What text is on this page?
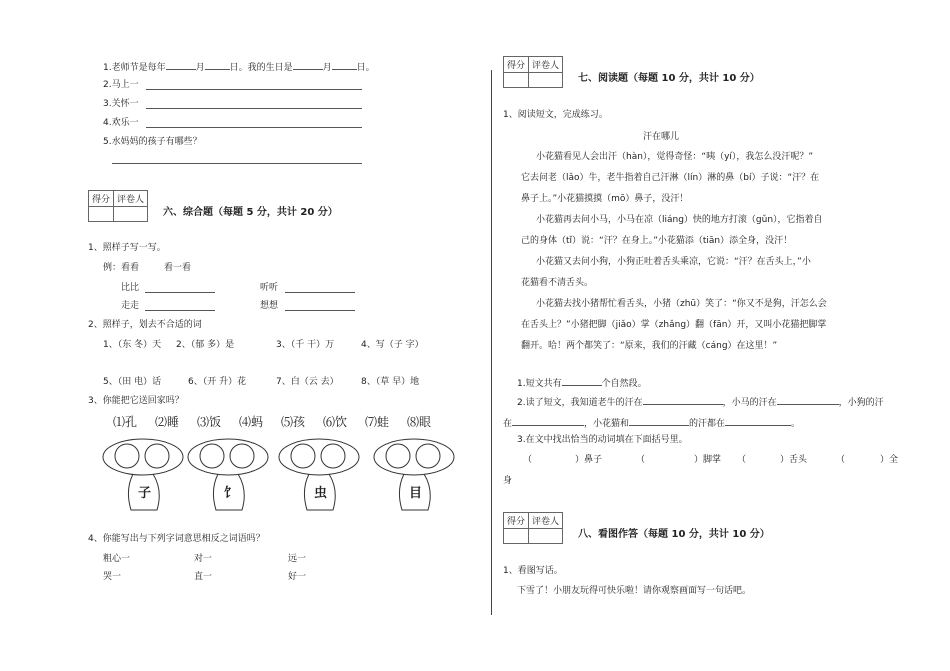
1.老师节是每年	月	日。我的生日是	月	日。
2.马上一
3.关怀一
4.欢乐一
5.水妈妈的孩子有哪些？
得分	评卷人

六、综合题（每题 5 分，共计 20 分）
1、照样子写一写。
例：看看	看一看
比比	听听
走走	想想
2、照样子，划去不合适的词
1、（东 冬）天 2、（郁 多）是	3、（千 干）万	4、写（子 字）
5、（田 电）话	6、（开 升）花	7、白（云 去） 8、（草 早）地
3、你能把它送回家吗？
⑴孔 ⑵睡 ⑶饭 ⑷蚂 ⑸孩 ⑹饮 ⑺蛙 ⑻眼
子	饣	虫	目
4、你能写出与下列字词意思相反之词语吗？
粗心一	对一	远一
哭一	直一	好一
得分	评卷人

七、阅读题（每题 10 分，共计 10 分）
1、阅读短文，完成练习。
汗在哪儿
小花猫看见人会出汗（hàn），觉得奇怪：“咦（yí），我怎么没汗呢？”
它去问老（lǎo）牛，老牛指着自己汗淋（lín）淋的鼻（bí）子说：“汗？在
鼻子上。”小花猫摸摸（mō）鼻子，没汗！
小花猫再去问小马，小马在凉（liáng）快的地方打滚（gǔn），它指着自
己的身体（tǐ）说：“汗？在身上。”小花猫添（tiān）添全身，没汗！
小花猫又去问小狗，小狗正吐着舌头乘凉，它说：“汗？在舌头上，”小
花猫看不清舌头。
小花猫去找小猪帮忙看舌头，小猪（zhū）笑了：“你又不是狗，汗怎么会
在舌头上？”小猪把脚（jiǎo）掌（zhǎng）翻（fān）开，又叫小花猫把脚掌
翻开。哈！两个都笑了：“原来，我们的汗藏（cáng）在这里！”
1.短文共有	个自然段。
2.读了短文，我知道老牛的汗在	，小马的汗在	，小狗的汗
在	，小花猫和	的汗都在	。
3.在文中找出恰当的动词填在下面括号里。
（	）鼻子	（	）脚掌 （	）舌头	（	）全
身
得分	评卷人

八、看图作答（每题 10 分，共计 10 分）
1、看图写话。
下雪了！小朋友玩得可快乐啦！请你观察画面写一句话吧。
